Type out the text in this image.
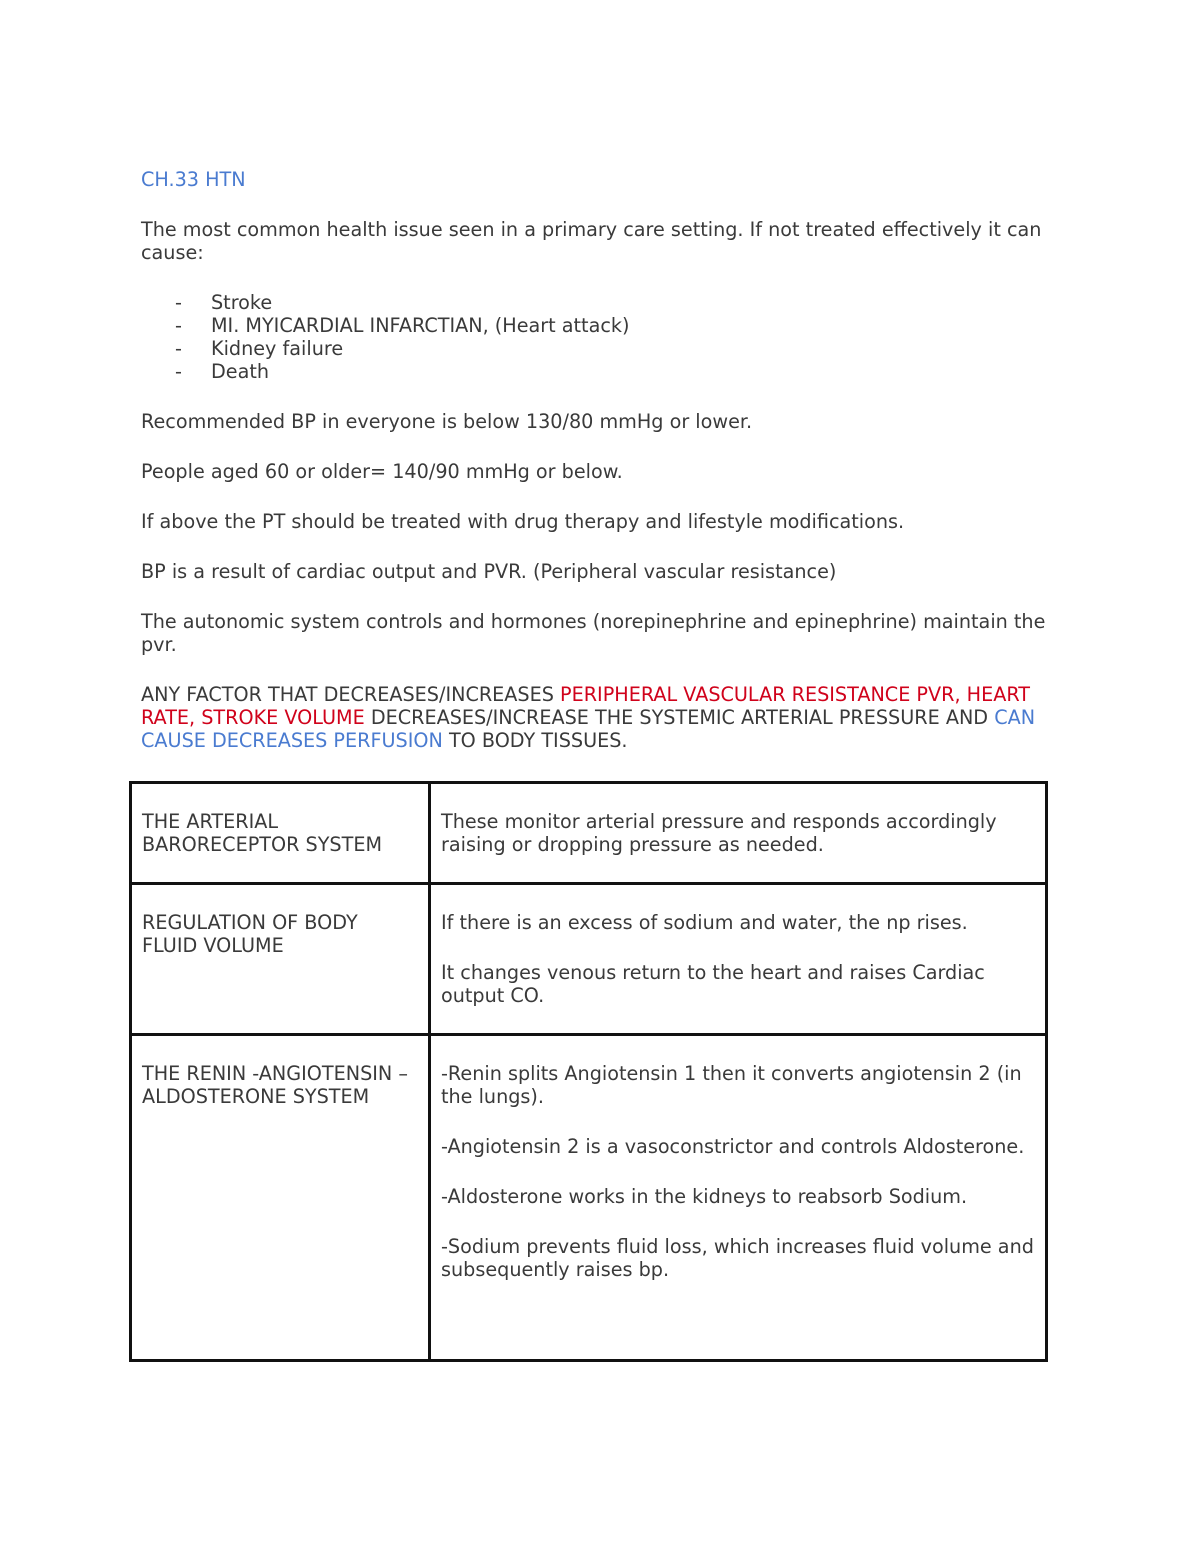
CH.33 HTN

The most common health issue seen in a primary care setting. If not treated effectively it can cause:

- Stroke
- MI. MYICARDIAL INFARCTIAN, (Heart attack)
- Kidney failure
- Death

Recommended BP in everyone is below 130/80 mmHg or lower.

People aged 60 or older= 140/90 mmHg or below.

If above the PT should be treated with drug therapy and lifestyle modifications.

BP is a result of cardiac output and PVR. (Peripheral vascular resistance)

The autonomic system controls and hormones (norepinephrine and epinephrine) maintain the pvr.

ANY FACTOR THAT DECREASES/INCREASES PERIPHERAL VASCULAR RESISTANCE PVR, HEART RATE, STROKE VOLUME DECREASES/INCREASE THE SYSTEMIC ARTERIAL PRESSURE AND CAN CAUSE DECREASES PERFUSION TO BODY TISSUES.

THE ARTERIAL BARORECEPTOR SYSTEM	These monitor arterial pressure and responds accordingly raising or dropping pressure as needed.

REGULATION OF BODY FLUID VOLUME	If there is an excess of sodium and water, the np rises.

It changes venous return to the heart and raises Cardiac output CO.

THE RENIN -ANGIOTENSIN – ALDOSTERONE SYSTEM	-Renin splits Angiotensin 1 then it converts angiotensin 2 (in the lungs).

-Angiotensin 2 is a vasoconstrictor and controls Aldosterone.

-Aldosterone works in the kidneys to reabsorb Sodium.

-Sodium prevents fluid loss, which increases fluid volume and subsequently raises bp.
